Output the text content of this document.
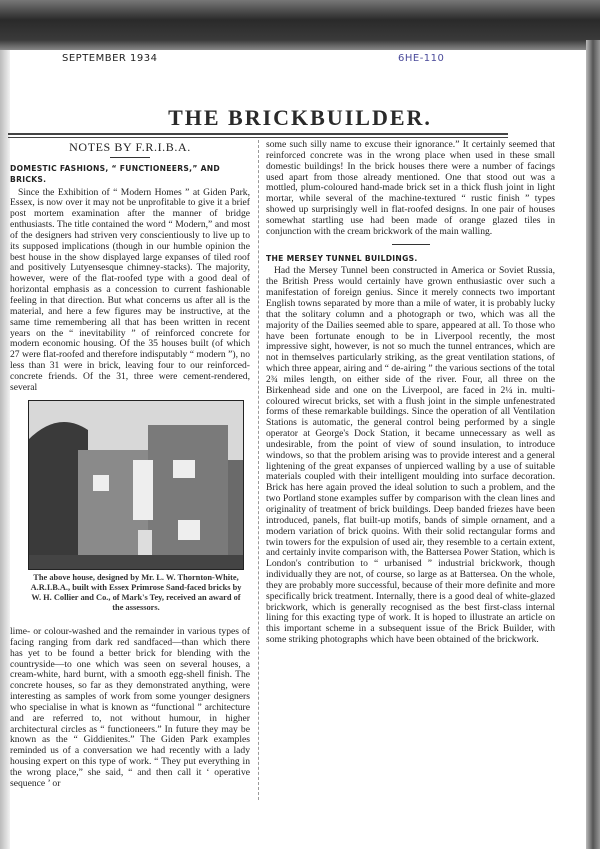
SEPTEMBER 1934	6HE-110
THE BRICKBUILDER.
NOTES BY F.R.I.B.A.
DOMESTIC FASHIONS, “ FUNCTIONEERS,” AND BRICKS.

Since the Exhibition of “ Modern Homes ” at Giden Park, Essex, is now over it may not be unprofitable to give it a brief post mortem examination after the manner of bridge enthusiasts. The title contained the word “ Modern,” and most of the designers had striven very conscientiously to live up to its supposed implications (though in our humble opinion the best house in the show displayed large expanses of tiled roof and positively Lutyensesque chimney-stacks). The majority, however, were of the flat-roofed type with a good deal of horizontal emphasis as a concession to current fashionable feeling in that direction. But what concerns us after all is the material, and here a few figures may be instructive, at the same time remembering all that has been written in recent years on the “ inevitability ” of reinforced concrete for modern economic housing. Of the 35 houses built (of which 27 were flat-roofed and therefore indisputably “ modern ”), no less than 31 were in brick, leaving four to our reinforced-concrete friends. Of the 31, three were cement-rendered, several

The above house, designed by Mr. L. W. Thornton-White, A.R.I.B.A., built with Essex Primrose Sand-faced bricks by W. H. Collier and Co., of Mark's Tey, received an award of the assessors.

lime- or colour-washed and the remainder in various types of facing ranging from dark red sandfaced—than which there has yet to be found a better brick for blending with the countryside—to one which was seen on several houses, a cream-white, hard burnt, with a smooth egg-shell finish. The concrete houses, so far as they demonstrated anything, were interesting as samples of work from some younger designers who specialise in what is known as “functional ” architecture and are referred to, not without humour, in higher architectural circles as “ functioneers.” In future they may be known as the “ Giddienites.” The Giden Park examples reminded us of a conversation we had recently with a lady housing expert on this type of work. “ They put everything in the wrong place,” she said, “ and then call it ‘ operative sequence ’ or

some such silly name to excuse their ignorance.” It certainly seemed that reinforced concrete was in the wrong place when used in these small domestic buildings! In the brick houses there were a number of facings used apart from those already mentioned. One that stood out was a mottled, plum-coloured hand-made brick set in a thick flush joint in light mortar, while several of the machine-textured “ rustic finish ” types showed up surprisingly well in flat-roofed designs. In one pair of houses somewhat startling use had been made of orange glazed tiles in conjunction with the cream brickwork of the main walling.

THE MERSEY TUNNEL BUILDINGS.

Had the Mersey Tunnel been constructed in America or Soviet Russia, the British Press would certainly have grown enthusiastic over such a manifestation of foreign genius. Since it merely connects two important English towns separated by more than a mile of water, it is probably lucky that the solitary column and a photograph or two, which was all the majority of the Dailies seemed able to spare, appeared at all. To those who have been fortunate enough to be in Liverpool recently, the most impressive sight, however, is not so much the tunnel entrances, which are not in themselves particularly striking, as the great ventilation stations, of which three appear, airing and “ de-airing ” the various sections of the total 2¾ miles length, on either side of the river. Four, all three on the Birkenhead side and one on the Liverpool, are faced in 2¼ in. multi-coloured wirecut bricks, set with a flush joint in the simple unfenestrated forms of these remarkable buildings. Since the operation of all Ventilation Stations is automatic, the general control being performed by a single operator at George's Dock Station, it became unnecessary as well as undesirable, from the point of view of sound insulation, to introduce windows, so that the problem arising was to provide interest and a general lightening of the great expanses of unpierced walling by a use of suitable materials coupled with their intelligent moulding into surface decoration. Brick has here again proved the ideal solution to such a problem, and the two Portland stone examples suffer by comparison with the clean lines and originality of treatment of brick buildings. Deep banded friezes have been introduced, panels, flat built-up motifs, bands of simple ornament, and a modern variation of brick quoins. With their solid rectangular forms and twin towers for the expulsion of used air, they resemble to a certain extent, and certainly invite comparison with, the Battersea Power Station, which is London's contribution to “ urbanised ” industrial brickwork, though individually they are not, of course, so large as at Battersea. On the whole, they are probably more successful, because of their more definite and more specifically brick treatment. Internally, there is a good deal of white-glazed brickwork, which is generally recognised as the best first-class internal lining for this exacting type of work. It is hoped to illustrate an article on this important scheme in a subsequent issue of the Brick Builder, with some striking photographs which have been obtained of the brickwork.
